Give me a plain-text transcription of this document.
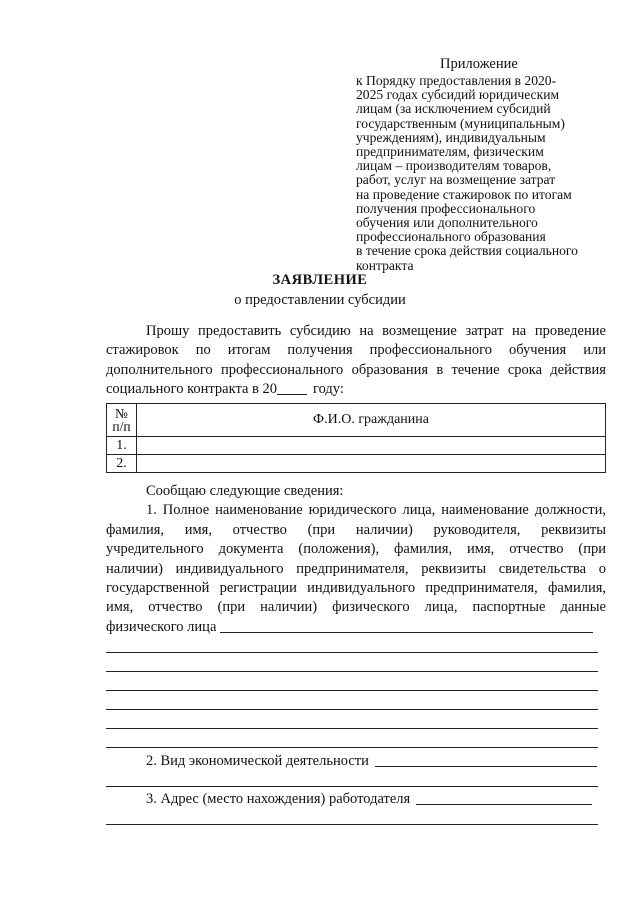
Приложение
к Порядку предоставления в 2020-
2025 годах субсидий юридическим
лицам (за исключением субсидий
государственным (муниципальным)
учреждениям), индивидуальным
предпринимателям, физическим
лицам – производителям товаров,
работ, услуг на возмещение затрат
на проведение стажировок по итогам
получения профессионального
обучения или дополнительного
профессионального образования
в течение срока действия социального
контракта
ЗАЯВЛЕНИЕ
о предоставлении субсидии
Прошу предоставить субсидию на возмещение затрат на проведение
стажировок по итогам получения профессионального обучения или
дополнительного профессионального образования в течение срока действия
социального контракта в 20 году:
№
п/п	Ф.И.О. гражданина
1.	
2.	
Сообщаю следующие сведения:
1. Полное наименование юридического лица, наименование должности,
фамилия, имя, отчество (при наличии) руководителя, реквизиты
учредительного документа (положения), фамилия, имя, отчество (при
наличии) индивидуального предпринимателя, реквизиты свидетельства о
государственной регистрации индивидуального предпринимателя, фамилия,
имя, отчество (при наличии) физического лица, паспортные данные
физического лица
2. Вид экономической деятельности
3. Адрес (место нахождения) работодателя
